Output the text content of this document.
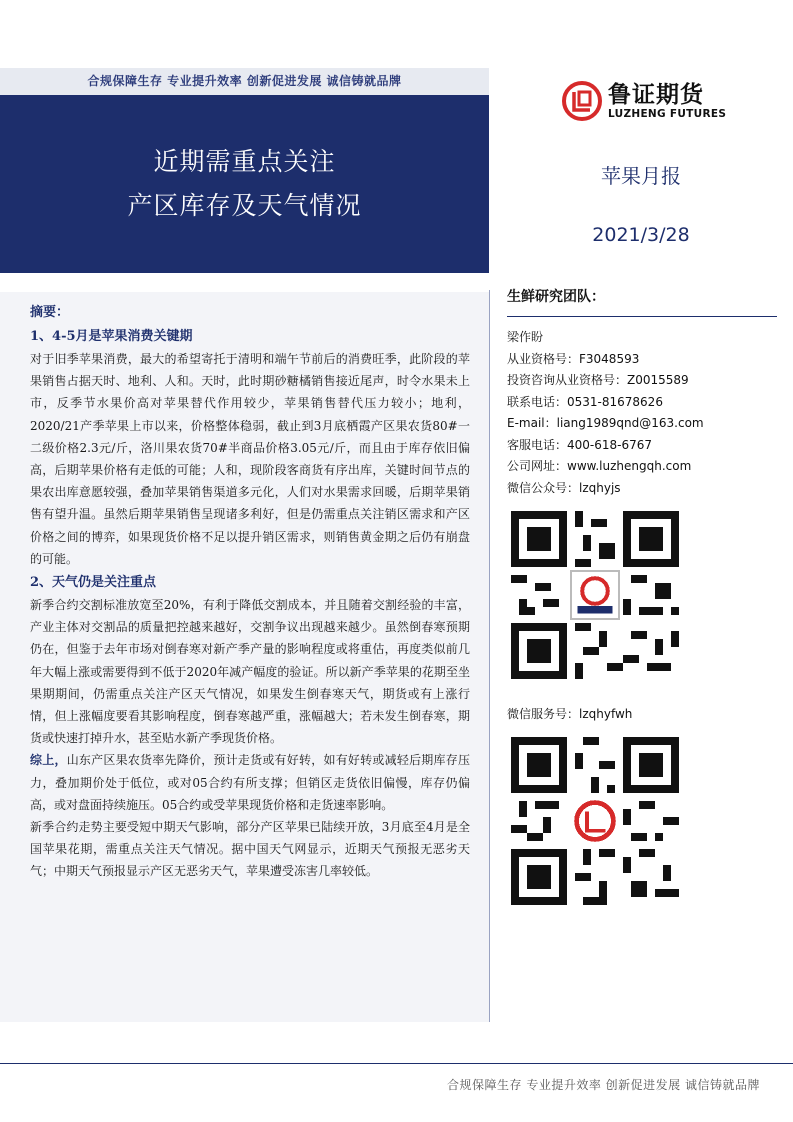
合规保障生存 专业提升效率 创新促进发展 诚信铸就品牌
近期需重点关注
产区库存及天气情况
鲁证期货
LUZHENG FUTURES
苹果月报
2021/3/28
摘要：
1、4-5月是苹果消费关键期

对于旧季苹果消费，最大的希望寄托于清明和端午节前后的消费旺季，此阶段的苹果销售占据天时、地利、人和。天时，此时期砂糖橘销售接近尾声，时令水果未上市，反季节水果价高对苹果替代作用较少，苹果销售替代压力较小；地利，2020/21产季苹果上市以来，价格整体稳弱，截止到3月底栖霞产区果农货80#一二级价格2.3元/斤，洛川果农货70#半商品价格3.05元/斤，而且由于库存依旧偏高，后期苹果价格有走低的可能；人和，现阶段客商货有序出库，关键时间节点的果农出库意愿较强，叠加苹果销售渠道多元化，人们对水果需求回暖，后期苹果销售有望升温。虽然后期苹果销售呈现诸多利好，但是仍需重点关注销区需求和产区价格之间的博弈，如果现货价格不足以提升销区需求，则销售黄金期之后仍有崩盘的可能。

2、天气仍是关注重点

新季合约交割标准放宽至20%，有利于降低交割成本，并且随着交割经验的丰富，产业主体对交割品的质量把控越来越好，交割争议出现越来越少。虽然倒春寒预期仍在，但鉴于去年市场对倒春寒对新产季产量的影响程度或将重估，再度类似前几年大幅上涨或需要得到不低于2020年减产幅度的验证。所以新产季苹果的花期至坐果期期间，仍需重点关注产区天气情况，如果发生倒春寒天气，期货或有上涨行情，但上涨幅度要看其影响程度，倒春寒越严重，涨幅越大；若未发生倒春寒，期货或快速打掉升水，甚至贴水新产季现货价格。

综上，山东产区果农货率先降价，预计走货或有好转，如有好转或减轻后期库存压力，叠加期价处于低位，或对05合约有所支撑；但销区走货依旧偏慢，库存仍偏高，或对盘面持续施压。05合约或受苹果现货价格和走货速率影响。

新季合约走势主要受短中期天气影响，部分产区苹果已陆续开放，3月底至4月是全国苹果花期，需重点关注天气情况。据中国天气网显示，近期天气预报无恶劣天气；中期天气预报显示产区无恶劣天气，苹果遭受冻害几率较低。

生鲜研究团队：
梁作盼
从业资格号：F3048593
投资咨询从业资格号：Z0015589
联系电话：0531-81678626
E-mail：liang1989qnd@163.com
客服电话：400-618-6767
公司网址：www.luzhengqh.com
微信公众号：lzqhyjs
微信服务号：lzqhyfwh
合规保障生存 专业提升效率 创新促进发展 诚信铸就品牌
